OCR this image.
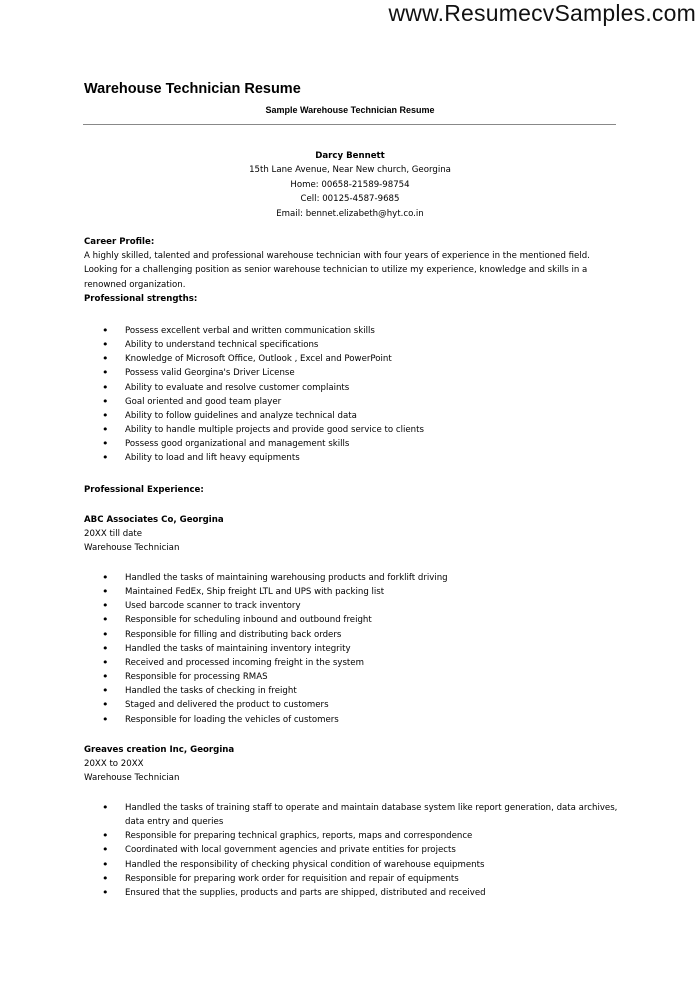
www.ResumecvSamples.com
Warehouse Technician Resume
Sample Warehouse Technician Resume
Darcy Bennett
15th Lane Avenue, Near New church, Georgina
Home: 00658-21589-98754
Cell: 00125-4587-9685
Email: bennet.elizabeth@hyt.co.in
Career Profile:
A highly skilled, talented and professional warehouse technician with four years of experience in the mentioned field. Looking for a challenging position as senior warehouse technician to utilize my experience, knowledge and skills in a renowned organization.
Professional strengths:
• Possess excellent verbal and written communication skills
• Ability to understand technical specifications
• Knowledge of Microsoft Office, Outlook , Excel and PowerPoint
• Possess valid Georgina's Driver License
• Ability to evaluate and resolve customer complaints
• Goal oriented and good team player
• Ability to follow guidelines and analyze technical data
• Ability to handle multiple projects and provide good service to clients
• Possess good organizational and management skills
• Ability to load and lift heavy equipments
Professional Experience:
ABC Associates Co, Georgina
20XX till date
Warehouse Technician
• Handled the tasks of maintaining warehousing products and forklift driving
• Maintained FedEx, Ship freight LTL and UPS with packing list
• Used barcode scanner to track inventory
• Responsible for scheduling inbound and outbound freight
• Responsible for filling and distributing back orders
• Handled the tasks of maintaining inventory integrity
• Received and processed incoming freight in the system
• Responsible for processing RMAS
• Handled the tasks of checking in freight
• Staged and delivered the product to customers
• Responsible for loading the vehicles of customers
Greaves creation Inc, Georgina
20XX to 20XX
Warehouse Technician
• Handled the tasks of training staff to operate and maintain database system like report generation, data archives, data entry and queries
• Responsible for preparing technical graphics, reports, maps and correspondence
• Coordinated with local government agencies and private entities for projects
• Handled the responsibility of checking physical condition of warehouse equipments
• Responsible for preparing work order for requisition and repair of equipments
• Ensured that the supplies, products and parts are shipped, distributed and received
